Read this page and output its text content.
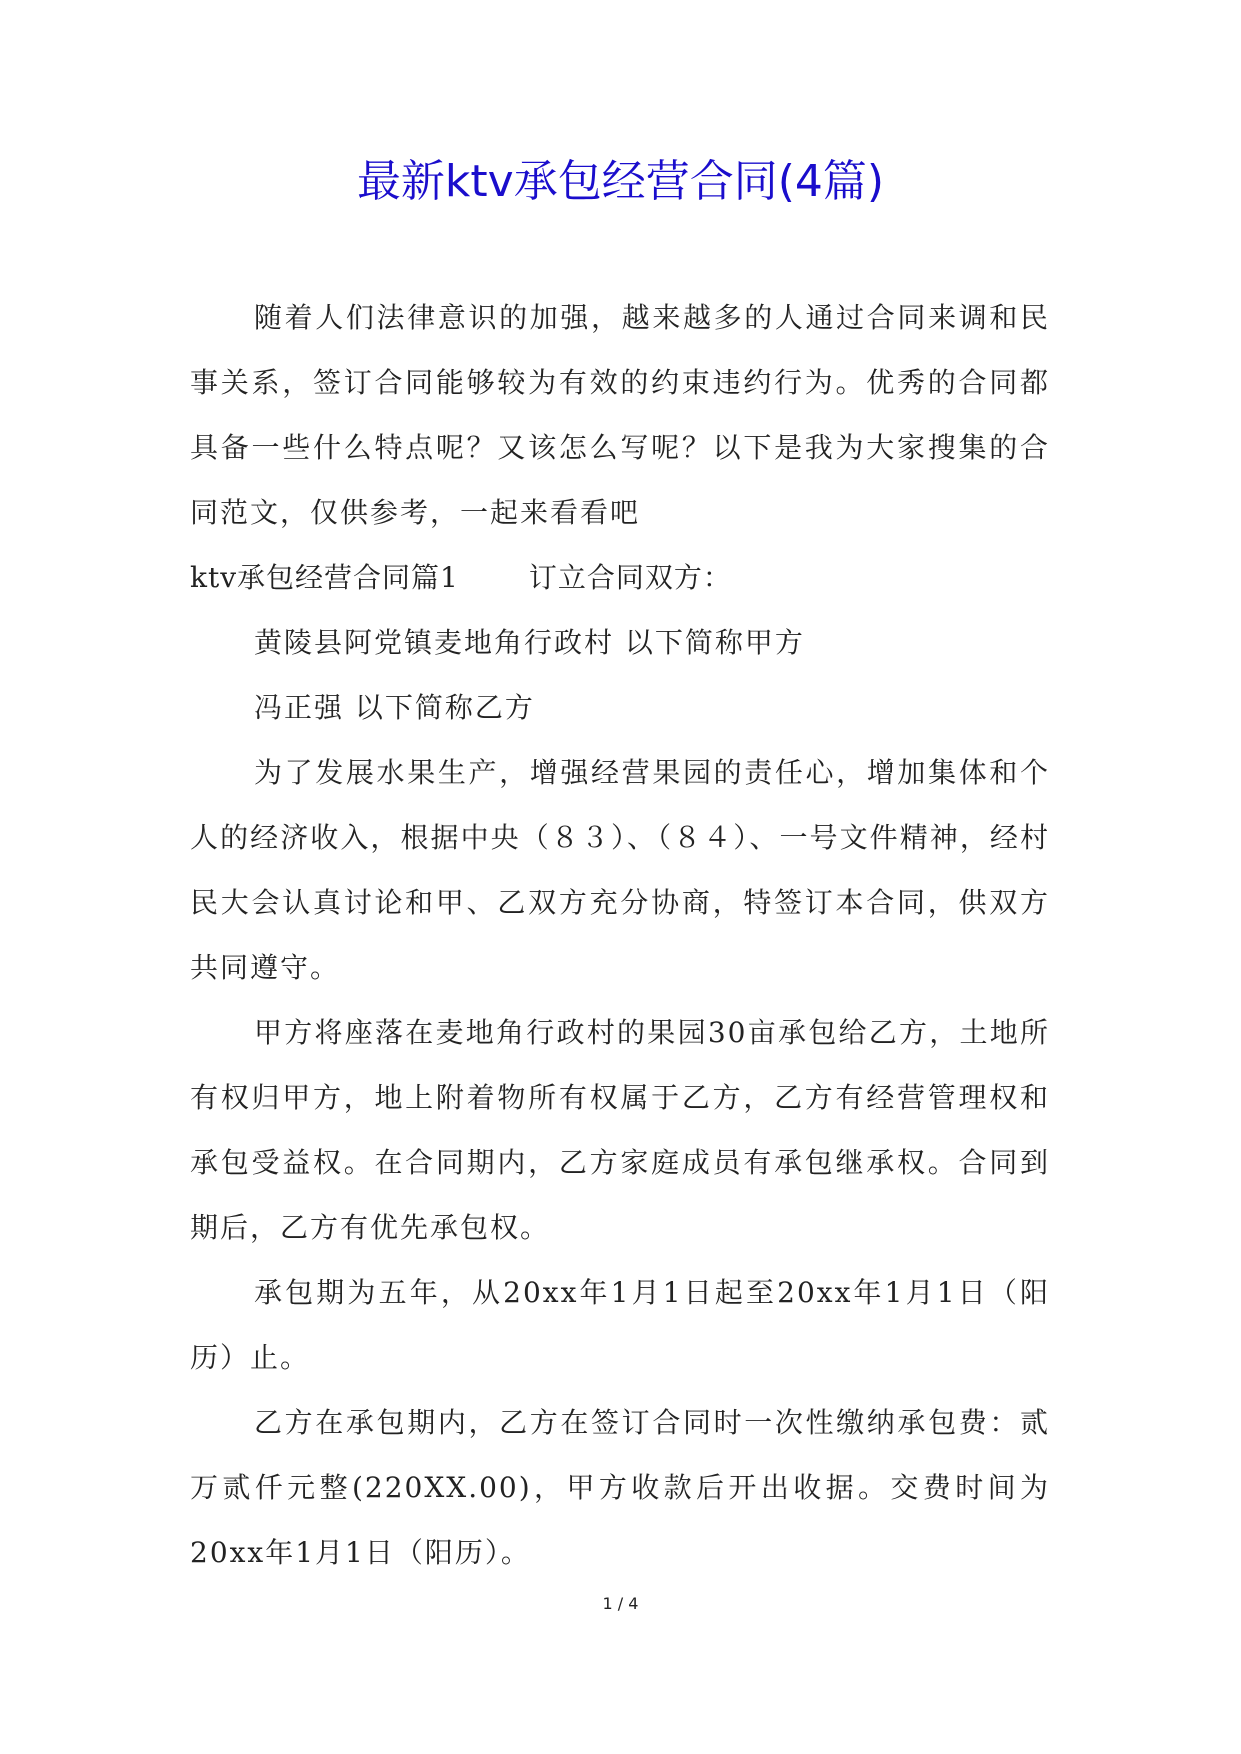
最新ktv承包经营合同(4篇)

随着人们法律意识的加强，越来越多的人通过合同来调和民事关系，签订合同能够较为有效的约束违约行为。优秀的合同都具备一些什么特点呢？又该怎么写呢？以下是我为大家搜集的合同范文，仅供参考，一起来看看吧

ktv承包经营合同篇1	订立合同双方：

黄陵县阿党镇麦地角行政村 以下简称甲方

冯正强 以下简称乙方

为了发展水果生产，增强经营果园的责任心，增加集体和个人的经济收入，根据中央（８３）、（８４）、一号文件精神，经村民大会认真讨论和甲、乙双方充分协商，特签订本合同，供双方共同遵守。

甲方将座落在麦地角行政村的果园30亩承包给乙方，土地所有权归甲方，地上附着物所有权属于乙方，乙方有经营管理权和承包受益权。在合同期内，乙方家庭成员有承包继承权。合同到期后，乙方有优先承包权。

承包期为五年，从20xx年1月1日起至20xx年1月1日（阳历）止。

乙方在承包期内，乙方在签订合同时一次性缴纳承包费：贰万贰仟元整(220XX.00)，甲方收款后开出收据。交费时间为20xx年1月1日（阳历）。

1 / 4
